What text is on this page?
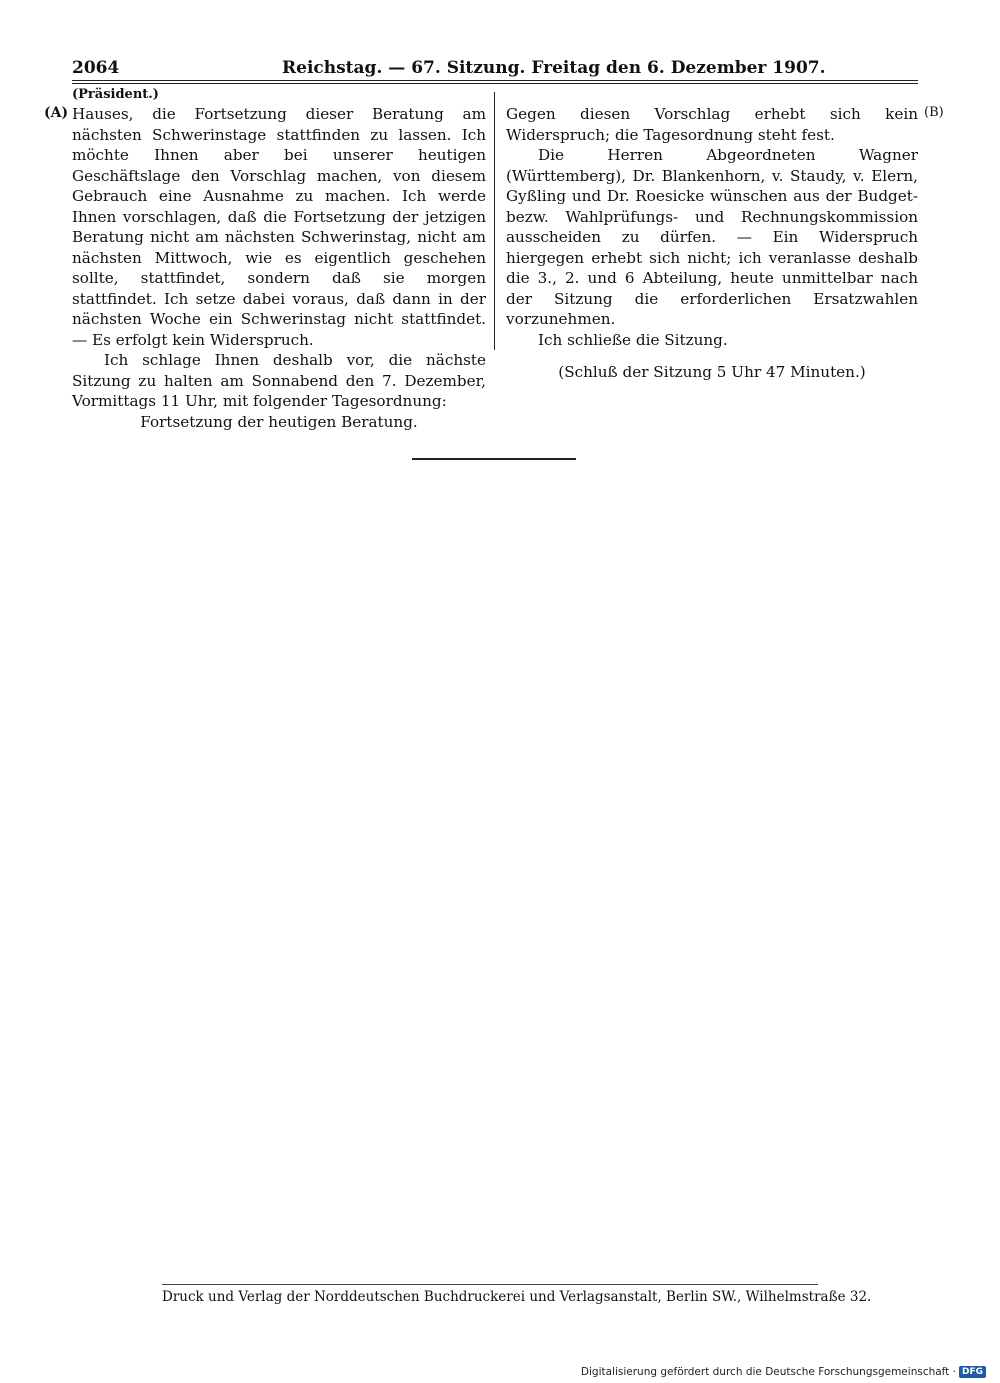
2064	Reichstag. — 67. Sitzung. Freitag den 6. Dezember 1907.
(Präsident.)
(A)	(B)

Hauses, die Fortsetzung dieser Beratung am nächsten Schwerinstage stattfinden zu lassen. Ich möchte Ihnen aber bei unserer heutigen Geschäftslage den Vorschlag machen, von diesem Gebrauch eine Ausnahme zu machen. Ich werde Ihnen vorschlagen, daß die Fortsetzung der jetzigen Beratung nicht am nächsten Schwerinstag, nicht am nächsten Mittwoch, wie es eigentlich geschehen sollte, stattfindet, sondern daß sie morgen stattfindet. Ich setze dabei voraus, daß dann in der nächsten Woche ein Schwerinstag nicht stattfindet. — Es erfolgt kein Widerspruch.

Ich schlage Ihnen deshalb vor, die nächste Sitzung zu halten am Sonnabend den 7. Dezember, Vormittags 11 Uhr, mit folgender Tagesordnung:

Fortsetzung der heutigen Beratung.

Gegen diesen Vorschlag erhebt sich kein Widerspruch; die Tagesordnung steht fest.

Die Herren Abgeordneten Wagner (Württemberg), Dr. Blankenhorn, v. Staudy, v. Elern, Gyßling und Dr. Roesicke wünschen aus der Budget- bezw. Wahlprüfungs- und Rechnungskommission ausscheiden zu dürfen. — Ein Widerspruch hiergegen erhebt sich nicht; ich veranlasse deshalb die 3., 2. und 6 Abteilung, heute unmittelbar nach der Sitzung die erforderlichen Ersatzwahlen vorzunehmen.

Ich schließe die Sitzung.

(Schluß der Sitzung 5 Uhr 47 Minuten.)

Druck und Verlag der Norddeutschen Buchdruckerei und Verlagsanstalt, Berlin SW., Wilhelmstraße 32.
Digitalisierung gefördert durch die Deutsche Forschungsgemeinschaft · DFG
